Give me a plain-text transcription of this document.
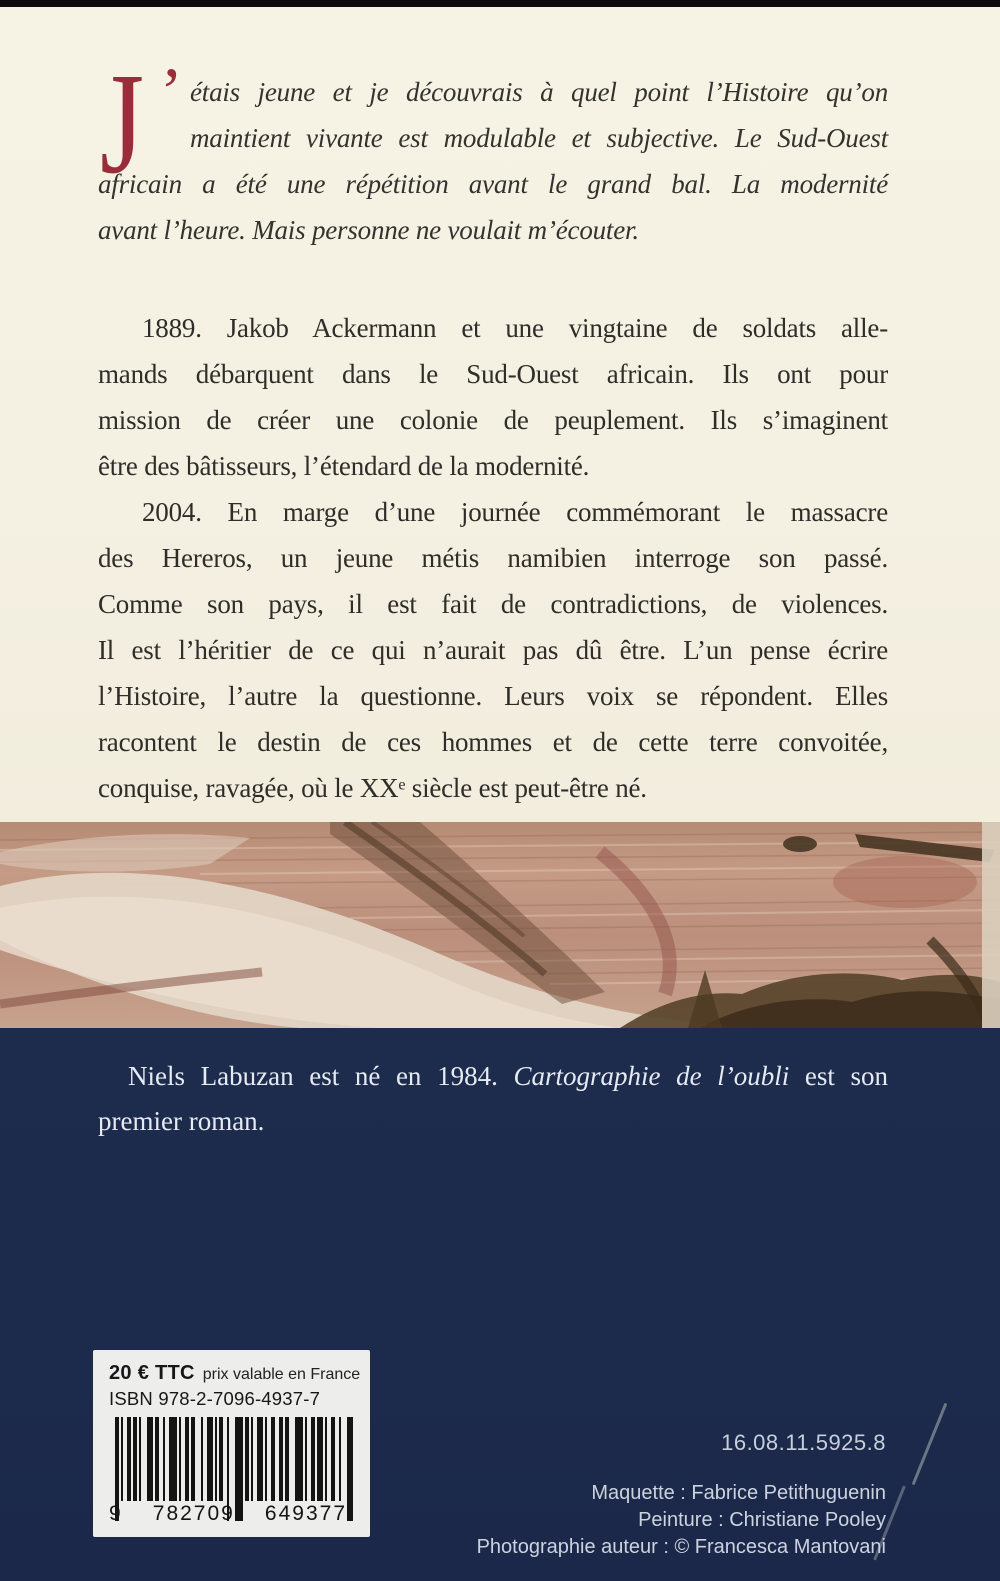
J ’ étais jeune et je découvrais à quel point l’Histoire qu’on
maintient vivante est modulable et subjective. Le Sud-Ouest
africain a été une répétition avant le grand bal. La modernité
avant l’heure. Mais personne ne voulait m’écouter.
1889. Jakob Ackermann et une vingtaine de soldats alle-
mands débarquent dans le Sud-Ouest africain. Ils ont pour
mission de créer une colonie de peuplement. Ils s’imaginent
être des bâtisseurs, l’étendard de la modernité.
2004. En marge d’une journée commémorant le massacre
des Hereros, un jeune métis namibien interroge son passé.
Comme son pays, il est fait de contradictions, de violences.
Il est l’héritier de ce qui n’aurait pas dû être. L’un pense écrire
l’Histoire, l’autre la questionne. Leurs voix se répondent. Elles
racontent le destin de ces hommes et de cette terre convoitée,
conquise, ravagée, où le XXᵉ siècle est peut-être né.

Niels Labuzan est né en 1984. Cartographie de l’oubli est son premier roman.

20 € TTC prix valable en France
ISBN 978-2-7096-4937-7
9 782709 649377
16.08.11.5925.8
Maquette : Fabrice Petithuguenin
Peinture : Christiane Pooley
Photographie auteur : © Francesca Mantovani
